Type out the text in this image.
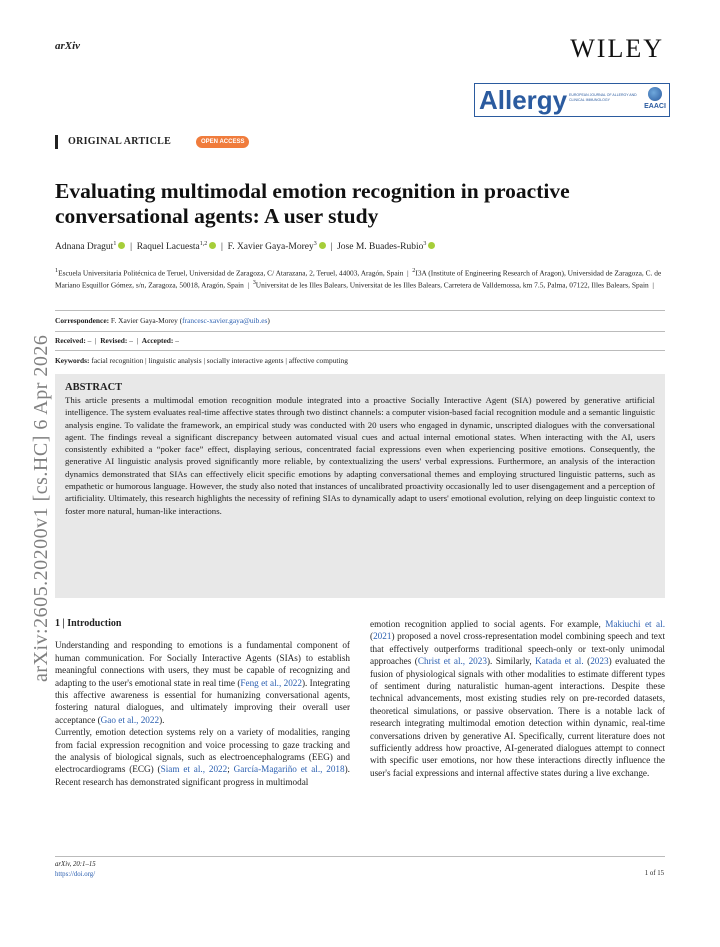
arXiv	WILEY
Allergy EUROPEAN JOURNAL OF ALLERGY AND CLINICAL IMMUNOLOGY
EAACI
ORIGINAL ARTICLE	OPEN ACCESS
Evaluating multimodal emotion recognition in proactive conversational agents: A user study
Adnana Dragut$^1$  |  Raquel Lacuesta$^{1,2}$  |  F. Xavier Gaya-Morey$^3$  |  Jose M. Buades-Rubio$^3$
$^1$Escuela Universitaria Politécnica de Teruel, Universidad de Zaragoza, C/ Atarazana, 2, Teruel, 44003, Aragón, Spain  |  $^2$I3A (Institute of Engineering Research of Aragon), Universidad de Zaragoza, C. de Mariano Esquillor Gómez, s/n, Zaragoza, 50018, Aragón, Spain  |  $^3$Universitat de les Illes Balears, Universitat de les Illes Balears, Carretera de Valldemossa, km 7.5, Palma, 07122, Illes Balears, Spain  |
Correspondence: F. Xavier Gaya-Morey (francesc-xavier.gaya@uib.es)
Received: –  |  Revised: –  |  Accepted: –
Keywords: facial recognition | linguistic analysis | socially interactive agents | affective computing
ABSTRACT

This article presents a multimodal emotion recognition module integrated into a proactive Socially Interactive Agent (SIA) powered by generative artificial intelligence. The system evaluates real-time affective states through two distinct channels: a computer vision-based facial recognition module and a semantic linguistic analysis engine. To validate the framework, an empirical study was conducted with 20 users who engaged in dynamic, unscripted dialogues with the conversational agent. The findings reveal a significant discrepancy between automated visual cues and actual internal emotional states. When interacting with the AI, users consistently exhibited a “poker face” effect, displaying serious, concentrated facial expressions even when experiencing positive emotions. Consequently, the generative AI linguistic analysis proved significantly more reliable, by contextualizing the users' verbal expressions. Furthermore, an analysis of the interaction dynamics demonstrated that SIAs can effectively elicit specific emotions by adapting conversational themes and employing structured linguistic patterns, such as empathetic or humorous language. However, the study also noted that instances of uncalibrated proactivity occasionally led to user disengagement and a perception of artificiality. Ultimately, this research highlights the necessity of refining SIAs to dynamically adapt to users' emotional evolution, relying on deep linguistic context to foster more natural, human-like interactions.

arXiv:2605.20200v1 [cs.HC] 6 Apr 2026 1 | Introduction

Understanding and responding to emotions is a fundamental component of human communication. For Socially Interactive Agents (SIAs) to establish meaningful connections with users, they must be capable of recognizing and adapting to the user's emotional state in real time (Feng et al., 2022). Integrating this affective awareness is essential for humanizing conversational agents, fostering natural dialogues, and ultimately improving their overall user acceptance (Gao et al., 2022).

Currently, emotion detection systems rely on a variety of modalities, ranging from facial expression recognition and voice processing to gaze tracking and the analysis of biological signals, such as electroencephalograms (EEG) and electrocardiograms (ECG) (Siam et al., 2022; García-Magariño et al., 2018). Recent research has demonstrated significant progress in multimodal

emotion recognition applied to social agents. For example, Makiuchi et al. (2021) proposed a novel cross-representation model combining speech and text that effectively outperforms traditional speech-only or text-only unimodal approaches (Christ et al., 2023). Similarly, Katada et al. (2023) evaluated the fusion of physiological signals with other modalities to estimate different types of sentiment during naturalistic human-agent interactions. Despite these technical advancements, most existing studies rely on pre-recorded datasets, theoretical simulations, or passive observation. There is a notable lack of research integrating multimodal emotion detection within dynamic, real-time conversations driven by generative AI. Specifically, current literature does not sufficiently address how proactive, AI-generated dialogues attempt to connect with specific user emotions, nor how these interactions directly influence the user's facial expressions and internal affective states during a live exchange.

arXiv, 20:1–15
https://doi.org/	1 of 15
